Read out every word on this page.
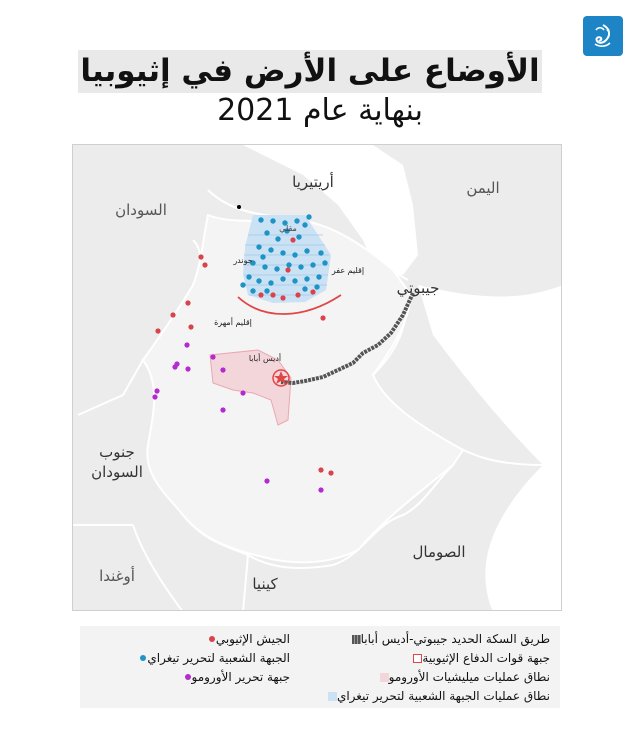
الأوضاع على الأرض في إثيوبيا
بنهاية عام 2021
أريتيريا	اليمن
السودان
جيبوتي
جنوب
السودان
الصومال
أوغندا	كينيا
جوندر
مقلي
إقليم عفر
إقليم أمهرة
أديس أبابا
طريق السكة الحديد جيبوتي-أديس أبابا
الجيش الإثيوبي
جبهة قوات الدفاع الإثيوبية
الجبهة الشعبية لتحرير تيغراي
نطاق عمليات ميليشيات الأورومو
جبهة تحرير الأورومو
نطاق عمليات الجبهة الشعبية لتحرير تيغراي
